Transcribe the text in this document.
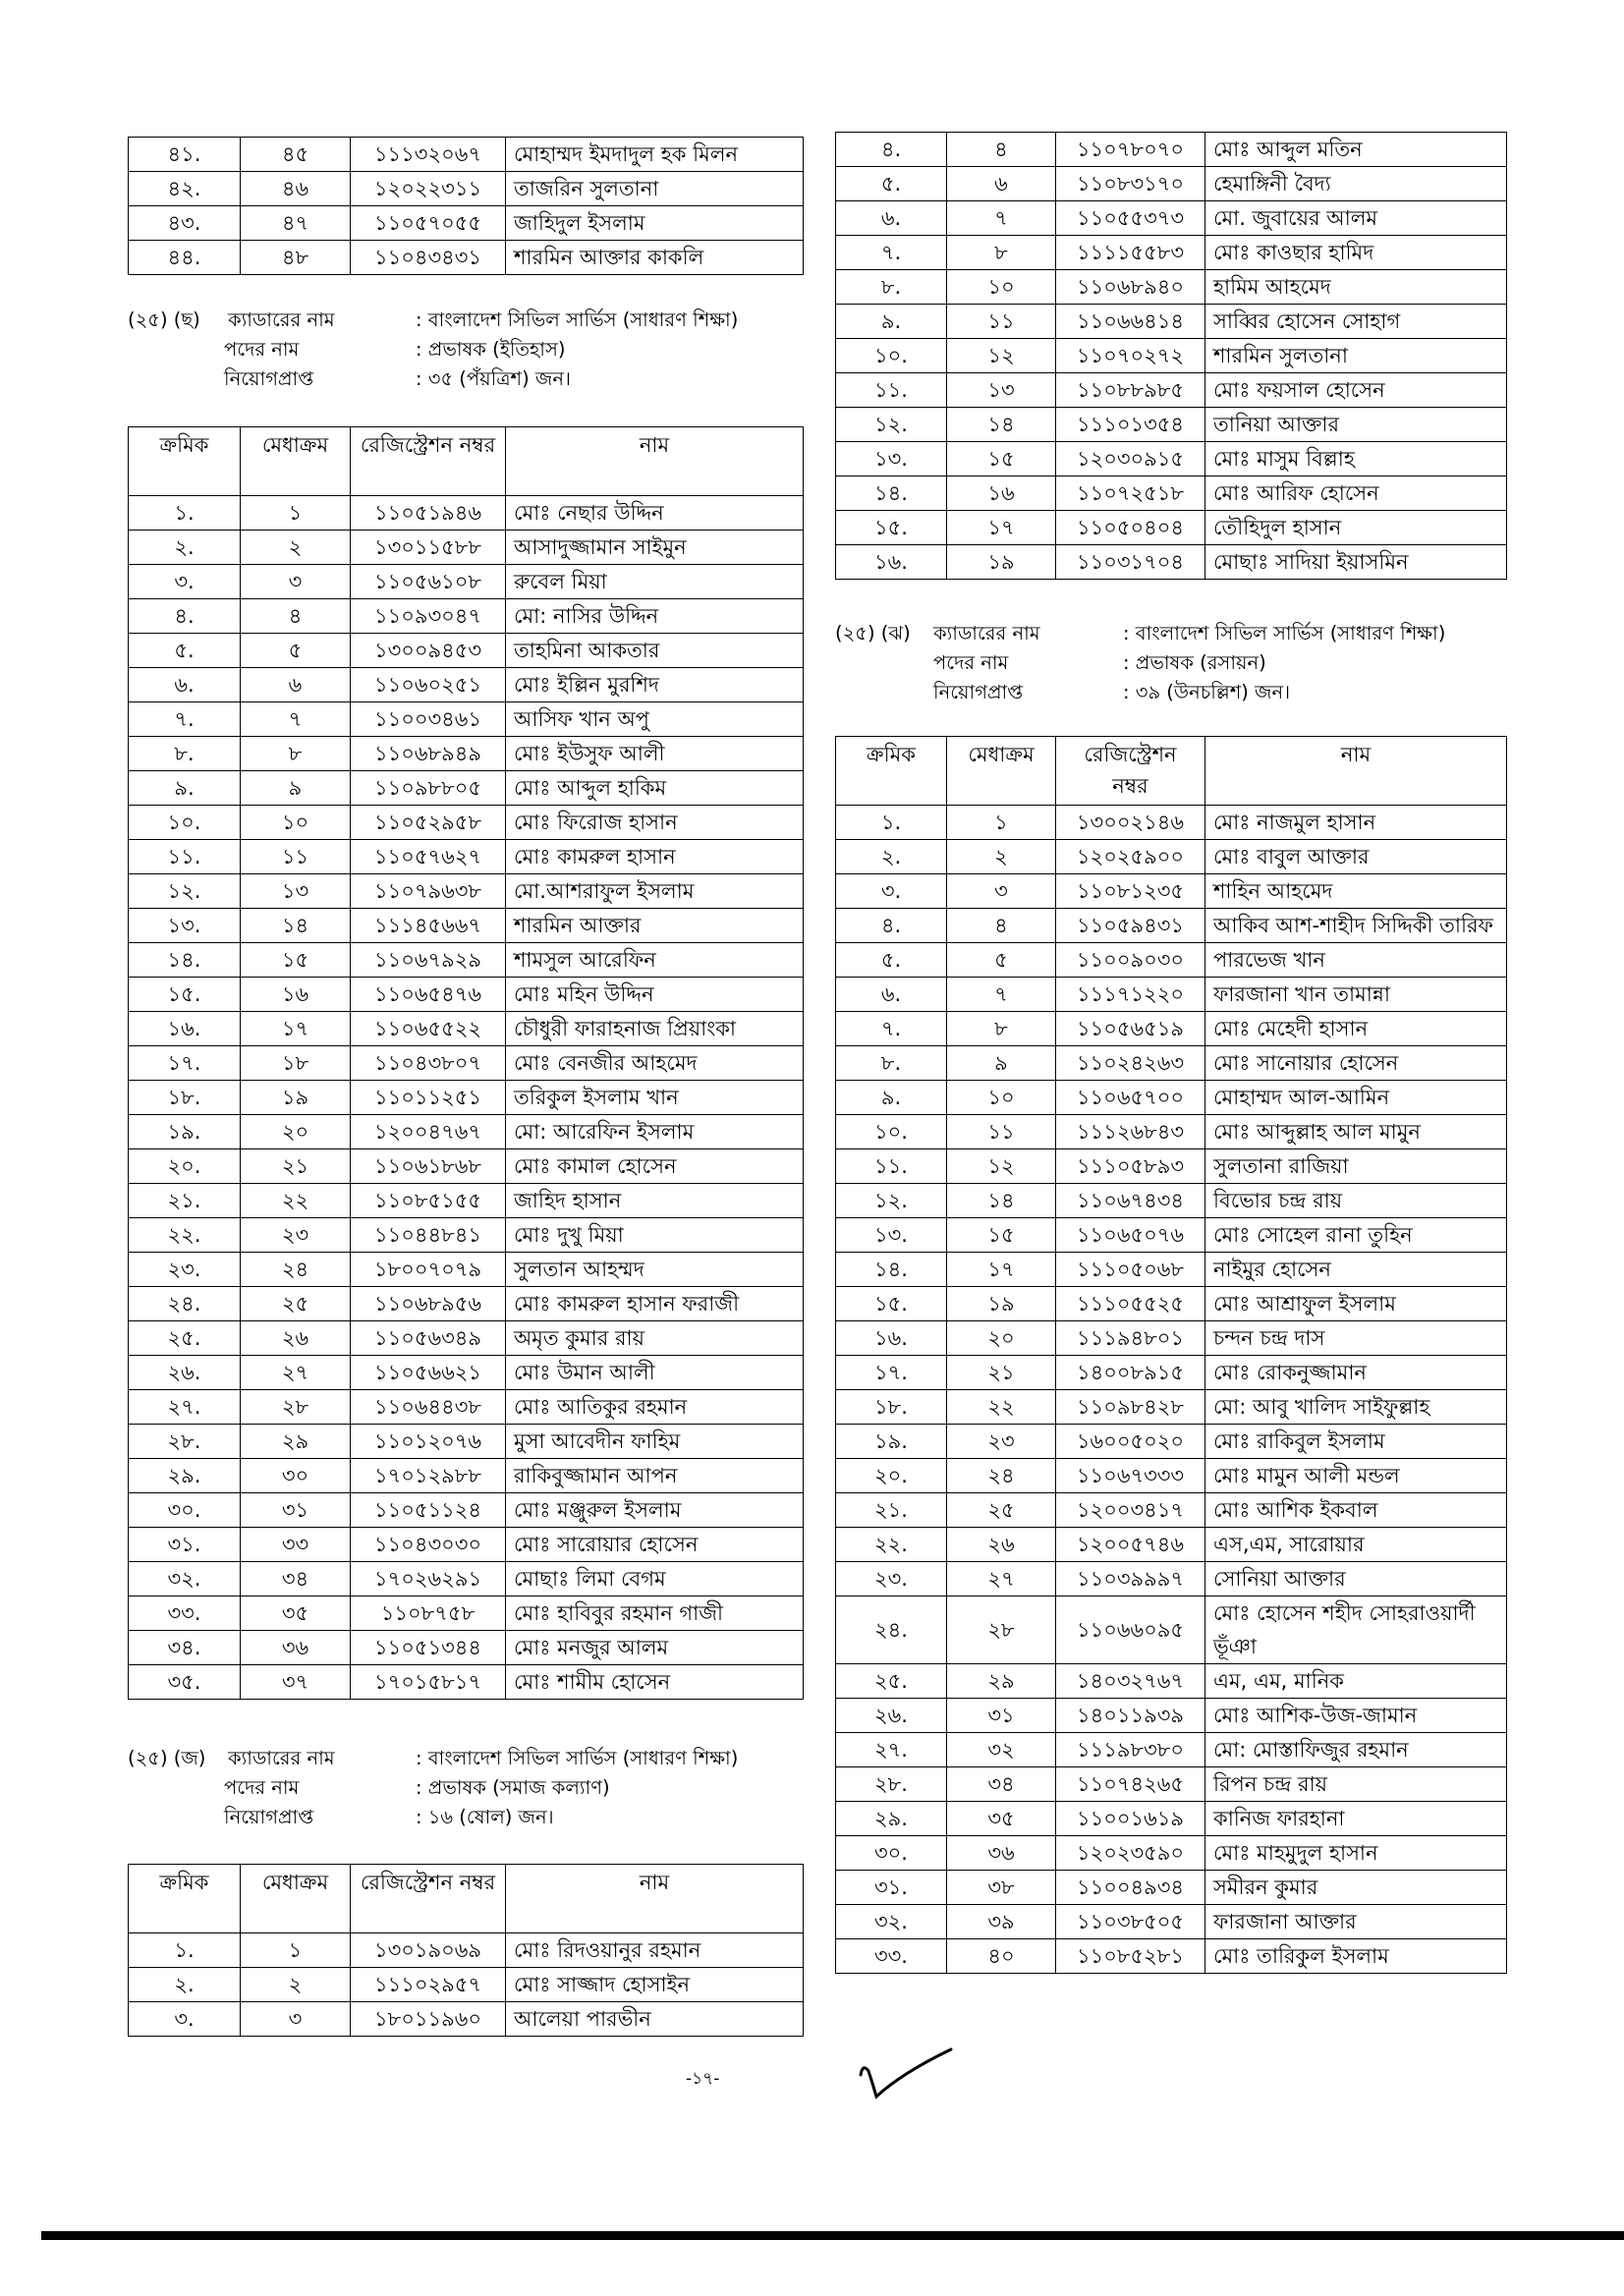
৪১.	৪৫	১১১৩২০৬৭	মোহাম্মদ ইমদাদুল হক মিলন
৪২.	৪৬	১২০২২৩১১	তাজরিন সুলতানা
৪৩.	৪৭	১১০৫৭০৫৫	জাহিদুল ইসলাম
৪৪.	৪৮	১১০৪৩৪৩১	শারমিন আক্তার কাকলি
(২৫) (ছ) ক্যাডারের নাম	: বাংলাদেশ সিভিল সার্ভিস (সাধারণ শিক্ষা)
পদের নাম	: প্রভাষক (ইতিহাস)
নিয়োগপ্রাপ্ত	: ৩৫ (পঁয়ত্রিশ) জন।
ক্রমিক	মেধাক্রম	রেজিস্ট্রেশন নম্বর	নাম
১.	১	১১০৫১৯৪৬	মোঃ নেছার উদ্দিন
২.	২	১৩০১১৫৮৮	আসাদুজ্জামান সাইমুন
৩.	৩	১১০৫৬১০৮	রুবেল মিয়া
৪.	৪	১১০৯৩০৪৭	মো: নাসির উদ্দিন
৫.	৫	১৩০০৯৪৫৩	তাহমিনা আকতার
৬.	৬	১১০৬০২৫১	মোঃ ইল্লিন মুরশিদ
৭.	৭	১১০০৩৪৬১	আসিফ খান অপু
৮.	৮	১১০৬৮৯৪৯	মোঃ ইউসুফ আলী
৯.	৯	১১০৯৮৮০৫	মোঃ আব্দুল হাকিম
১০.	১০	১১০৫২৯৫৮	মোঃ ফিরোজ হাসান
১১.	১১	১১০৫৭৬২৭	মোঃ কামরুল হাসান
১২.	১৩	১১০৭৯৬৩৮	মো.আশরাফুল ইসলাম
১৩.	১৪	১১১৪৫৬৬৭	শারমিন আক্তার
১৪.	১৫	১১০৬৭৯২৯	শামসুল আরেফিন
১৫.	১৬	১১০৬৫৪৭৬	মোঃ মহিন উদ্দিন
১৬.	১৭	১১০৬৫৫২২	চৌধুরী ফারাহনাজ প্রিয়াংকা
১৭.	১৮	১১০৪৩৮০৭	মোঃ বেনজীর আহমেদ
১৮.	১৯	১১০১১২৫১	তরিকুল ইসলাম খান
১৯.	২০	১২০০৪৭৬৭	মো: আরেফিন ইসলাম
২০.	২১	১১০৬১৮৬৮	মোঃ কামাল হোসেন
২১.	২২	১১০৮৫১৫৫	জাহিদ হাসান
২২.	২৩	১১০৪৪৮৪১	মোঃ দুখু মিয়া
২৩.	২৪	১৮০০৭০৭৯	সুলতান আহম্মদ
২৪.	২৫	১১০৬৮৯৫৬	মোঃ কামরুল হাসান ফরাজী
২৫.	২৬	১১০৫৬৩৪৯	অমৃত কুমার রায়
২৬.	২৭	১১০৫৬৬২১	মোঃ উমান আলী
২৭.	২৮	১১০৬৪৪৩৮	মোঃ আতিকুর রহমান
২৮.	২৯	১১০১২০৭৬	মুসা আবেদীন ফাহিম
২৯.	৩০	১৭০১২৯৮৮	রাকিবুজ্জামান আপন
৩০.	৩১	১১০৫১১২৪	মোঃ মঞ্জুরুল ইসলাম
৩১.	৩৩	১১০৪৩০৩০	মোঃ সারোয়ার হোসেন
৩২.	৩৪	১৭০২৬২৯১	মোছাঃ লিমা বেগম
৩৩.	৩৫	১১০৮৭৫৮	মোঃ হাবিবুর রহমান গাজী
৩৪.	৩৬	১১০৫১৩৪৪	মোঃ মনজুর আলম
৩৫.	৩৭	১৭০১৫৮১৭	মোঃ শামীম হোসেন
(২৫) (জ) ক্যাডারের নাম	: বাংলাদেশ সিভিল সার্ভিস (সাধারণ শিক্ষা)
পদের নাম	: প্রভাষক (সমাজ কল্যাণ)
নিয়োগপ্রাপ্ত	: ১৬ (ষোল) জন।
ক্রমিক	মেধাক্রম	রেজিস্ট্রেশন নম্বর	নাম
১.	১	১৩০১৯০৬৯	মোঃ রিদওয়ানুর রহমান
২.	২	১১১০২৯৫৭	মোঃ সাজ্জাদ হোসাইন
৩.	৩	১৮০১১৯৬০	আলেয়া পারভীন
৪.	৪	১১০৭৮০৭০	মোঃ আব্দুল মতিন
৫.	৬	১১০৮৩১৭০	হেমাঙ্গিনী বৈদ্য
৬.	৭	১১০৫৫৩৭৩	মো. জুবায়ের আলম
৭.	৮	১১১১৫৫৮৩	মোঃ কাওছার হামিদ
৮.	১০	১১০৬৮৯৪০	হামিম আহমেদ
৯.	১১	১১০৬৬৪১৪	সাব্বির হোসেন সোহাগ
১০.	১২	১১০৭০২৭২	শারমিন সুলতানা
১১.	১৩	১১০৮৮৯৮৫	মোঃ ফয়সাল হোসেন
১২.	১৪	১১১০১৩৫৪	তানিয়া আক্তার
১৩.	১৫	১২০৩০৯১৫	মোঃ মাসুম বিল্লাহ
১৪.	১৬	১১০৭২৫১৮	মোঃ আরিফ হোসেন
১৫.	১৭	১১০৫০৪০৪	তৌহিদুল হাসান
১৬.	১৯	১১০৩১৭০৪	মোছাঃ সাদিয়া ইয়াসমিন
(২৫) (ঝ) ক্যাডারের নাম	: বাংলাদেশ সিভিল সার্ভিস (সাধারণ শিক্ষা)
পদের নাম	: প্রভাষক (রসায়ন)
নিয়োগপ্রাপ্ত	: ৩৯ (উনচল্লিশ) জন।
ক্রমিক	মেধাক্রম	রেজিস্ট্রেশন নম্বর	নাম
১.	১	১৩০০২১৪৬	মোঃ নাজমুল হাসান
২.	২	১২০২৫৯০০	মোঃ বাবুল আক্তার
৩.	৩	১১০৮১২৩৫	শাহিন আহমেদ
৪.	৪	১১০৫৯৪৩১	আকিব আশ-শাহীদ সিদ্দিকী তারিফ
৫.	৫	১১০০৯০৩০	পারভেজ খান
৬.	৭	১১১৭১২২০	ফারজানা খান তামান্না
৭.	৮	১১০৫৬৫১৯	মোঃ মেহেদী হাসান
৮.	৯	১১০২৪২৬৩	মোঃ সানোয়ার হোসেন
৯.	১০	১১০৬৫৭০০	মোহাম্মদ আল-আমিন
১০.	১১	১১১২৬৮৪৩	মোঃ আব্দুল্লাহ আল মামুন
১১.	১২	১১১০৫৮৯৩	সুলতানা রাজিয়া
১২.	১৪	১১০৬৭৪৩৪	বিভোর চন্দ্র রায়
১৩.	১৫	১১০৬৫০৭৬	মোঃ সোহেল রানা তুহিন
১৪.	১৭	১১১০৫০৬৮	নাইমুর হোসেন
১৫.	১৯	১১১০৫৫২৫	মোঃ আশ্রাফুল ইসলাম
১৬.	২০	১১১৯৪৮০১	চন্দন চন্দ্র দাস
১৭.	২১	১৪০০৮৯১৫	মোঃ রোকনুজ্জামান
১৮.	২২	১১০৯৮৪২৮	মো: আবু খালিদ সাইফুল্লাহ
১৯.	২৩	১৬০০৫০২০	মোঃ রাকিবুল ইসলাম
২০.	২৪	১১০৬৭৩৩৩	মোঃ মামুন আলী মন্ডল
২১.	২৫	১২০০৩৪১৭	মোঃ আশিক ইকবাল
২২.	২৬	১২০০৫৭৪৬	এস,এম, সারোয়ার
২৩.	২৭	১১০৩৯৯৯৭	সোনিয়া আক্তার
২৪.	২৮	১১০৬৬০৯৫	মোঃ হোসেন শহীদ সোহরাওয়ার্দী ভূঁঞা
২৫.	২৯	১৪০৩২৭৬৭	এম, এম, মানিক
২৬.	৩১	১৪০১১৯৩৯	মোঃ আশিক-উজ-জামান
২৭.	৩২	১১১৯৮৩৮০	মো: মোস্তাফিজুর রহমান
২৮.	৩৪	১১০৭৪২৬৫	রিপন চন্দ্র রায়
২৯.	৩৫	১১০০১৬১৯	কানিজ ফারহানা
৩০.	৩৬	১২০২৩৫৯০	মোঃ মাহমুদুল হাসান
৩১.	৩৮	১১০০৪৯৩৪	সমীরন কুমার
৩২.	৩৯	১১০৩৮৫০৫	ফারজানা আক্তার
৩৩.	৪০	১১০৮৫২৮১	মোঃ তারিকুল ইসলাম
-১৭-
